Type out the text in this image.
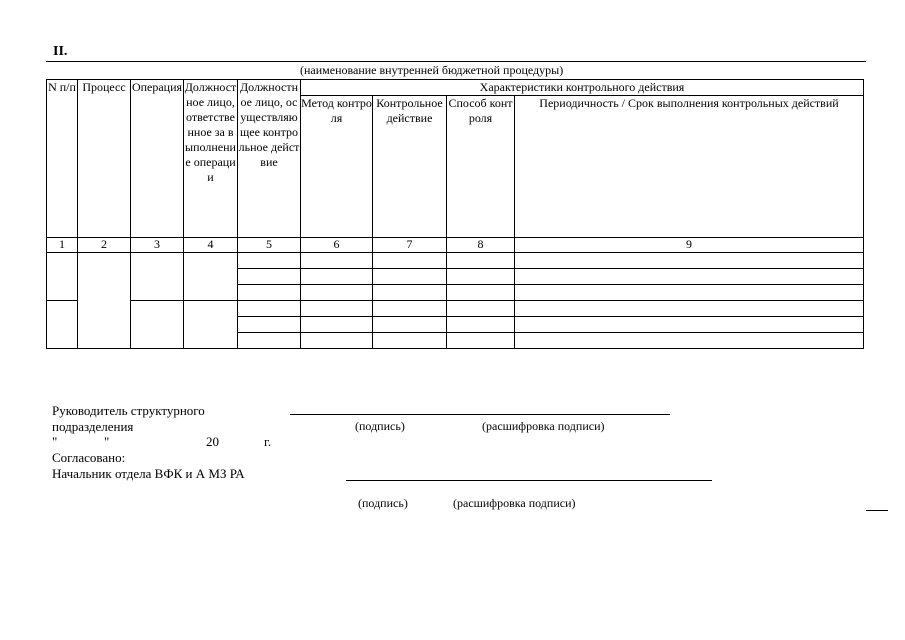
II.
(наименование внутренней бюджетной процедуры)
N п/п	Процесс	Операция	Должностное лицо, ответственное за выполнение операции	Должностное лицо, осуществляющее контрольное действие	Характеристики контрольного действия			
					Метод контроля	Контрольное действие	Способ контроля	Периодичность / Срок выполнения контрольных действий
1	2	3	4	5	6	7	8	9

Руководитель структурного
подразделения	(подпись)	(расшифровка подписи)
"	"	20	г.
Согласовано:
Начальник отдела ВФК и А МЗ РА
(подпись)	(расшифровка подписи)
